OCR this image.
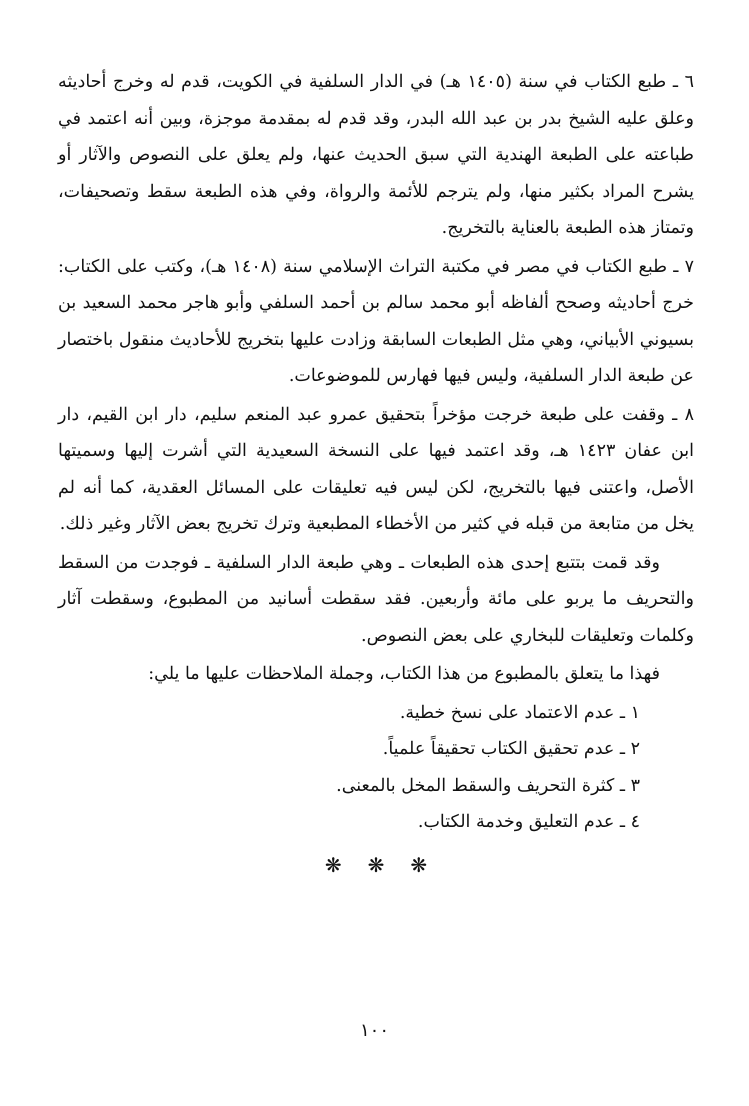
٦ ـ طبع الكتاب في سنة (١٤٠٥ هـ) في الدار السلفية في الكويت، قدم له وخرج أحاديثه وعلق عليه الشيخ بدر بن عبد الله البدر، وقد قدم له بمقدمة موجزة، وبين أنه اعتمد في طباعته على الطبعة الهندية التي سبق الحديث عنها، ولم يعلق على النصوص والآثار أو يشرح المراد بكثير منها، ولم يترجم للأئمة والرواة، وفي هذه الطبعة سقط وتصحيفات، وتمتاز هذه الطبعة بالعناية بالتخريج.

٧ ـ طبع الكتاب في مصر في مكتبة التراث الإسلامي سنة (١٤٠٨ هـ)، وكتب على الكتاب: خرج أحاديثه وصحح ألفاظه أبو محمد سالم بن أحمد السلفي وأبو هاجر محمد السعيد بن بسيوني الأبياني، وهي مثل الطبعات السابقة وزادت عليها بتخريج للأحاديث منقول باختصار عن طبعة الدار السلفية، وليس فيها فهارس للموضوعات.

٨ ـ وقفت على طبعة خرجت مؤخراً بتحقيق عمرو عبد المنعم سليم، دار ابن القيم، دار ابن عفان ١٤٢٣ هـ، وقد اعتمد فيها على النسخة السعيدية التي أشرت إليها وسميتها الأصل، واعتنى فيها بالتخريج، لكن ليس فيه تعليقات على المسائل العقدية، كما أنه لم يخل من متابعة من قبله في كثير من الأخطاء المطبعية وترك تخريج بعض الآثار وغير ذلك.

وقد قمت بتتبع إحدى هذه الطبعات ـ وهي طبعة الدار السلفية ـ فوجدت من السقط والتحريف ما يربو على مائة وأربعين. فقد سقطت أسانيد من المطبوع، وسقطت آثار وكلمات وتعليقات للبخاري على بعض النصوص.

فهذا ما يتعلق بالمطبوع من هذا الكتاب، وجملة الملاحظات عليها ما يلي:

١ ـ عدم الاعتماد على نسخ خطية.
٢ ـ عدم تحقيق الكتاب تحقيقاً علمياً.
٣ ـ كثرة التحريف والسقط المخل بالمعنى.
٤ ـ عدم التعليق وخدمة الكتاب.
❋ ❋ ❋
١٠٠
